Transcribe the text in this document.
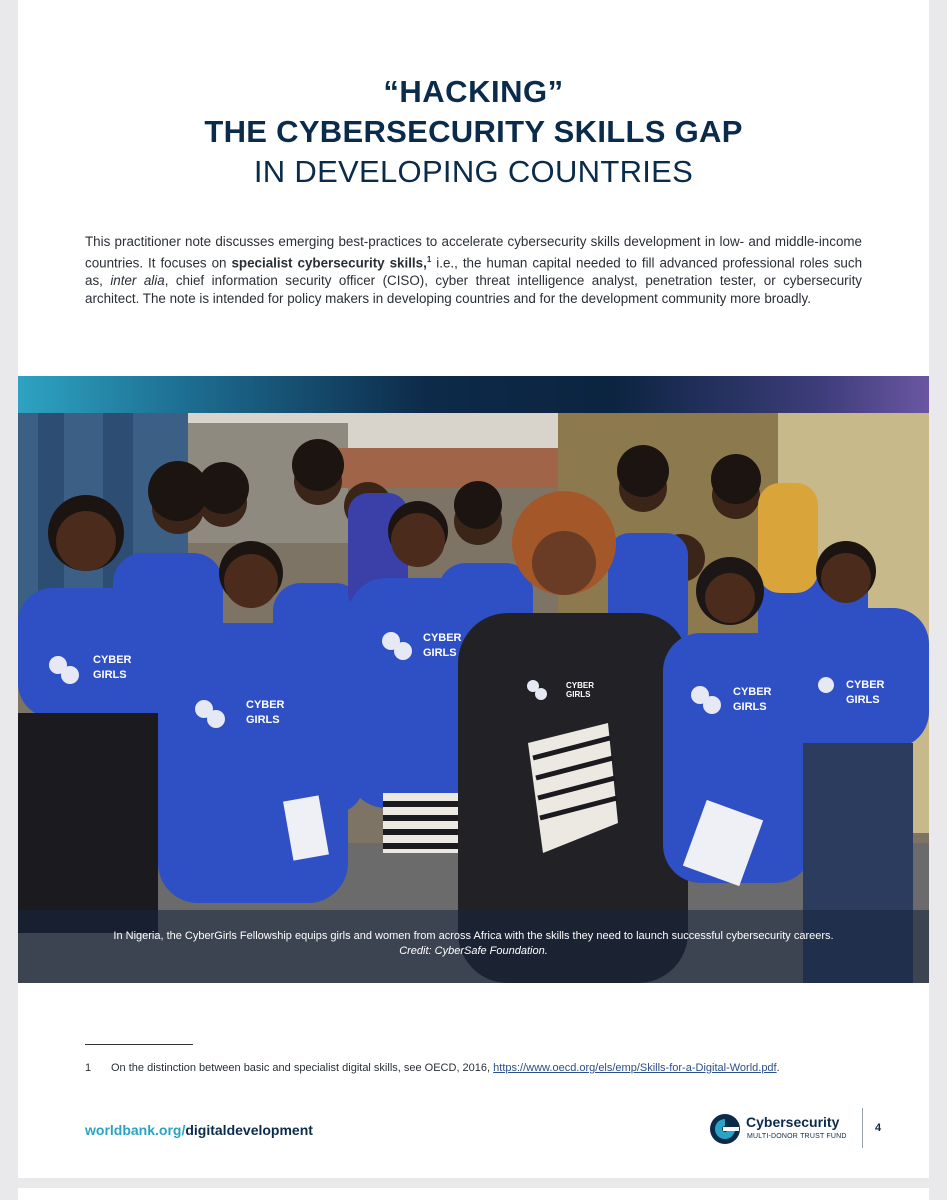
“HACKING”
THE CYBERSECURITY SKILLS GAP
IN DEVELOPING COUNTRIES

This practitioner note discusses emerging best-practices to accelerate cybersecurity skills development in low- and middle-income countries. It focuses on specialist cybersecurity skills,$^1$ i.e., the human capital needed to fill advanced professional roles such as, inter alia, chief information security officer (CISO), cyber threat intelligence analyst, penetration tester, or cybersecurity architect. The note is intended for policy makers in developing countries and for the development community more broadly.

CYBER
GIRLS
CYBER
GIRLS
CYBER
GIRLS
CYBER
GIRLS	CYBER
GIRLS
CYBER
GIRLS
In Nigeria, the CyberGirls Fellowship equips girls and women from across Africa with the skills they need to launch successful cybersecurity careers.
Credit: CyberSafe Foundation.
1 On the distinction between basic and specialist digital skills, see OECD, 2016, https://www.oecd.org/els/emp/Skills-for-a-Digital-World.pdf.
worldbank.org/digitaldevelopment	Cybersecurity
MULTI-DONOR TRUST FUND
4
